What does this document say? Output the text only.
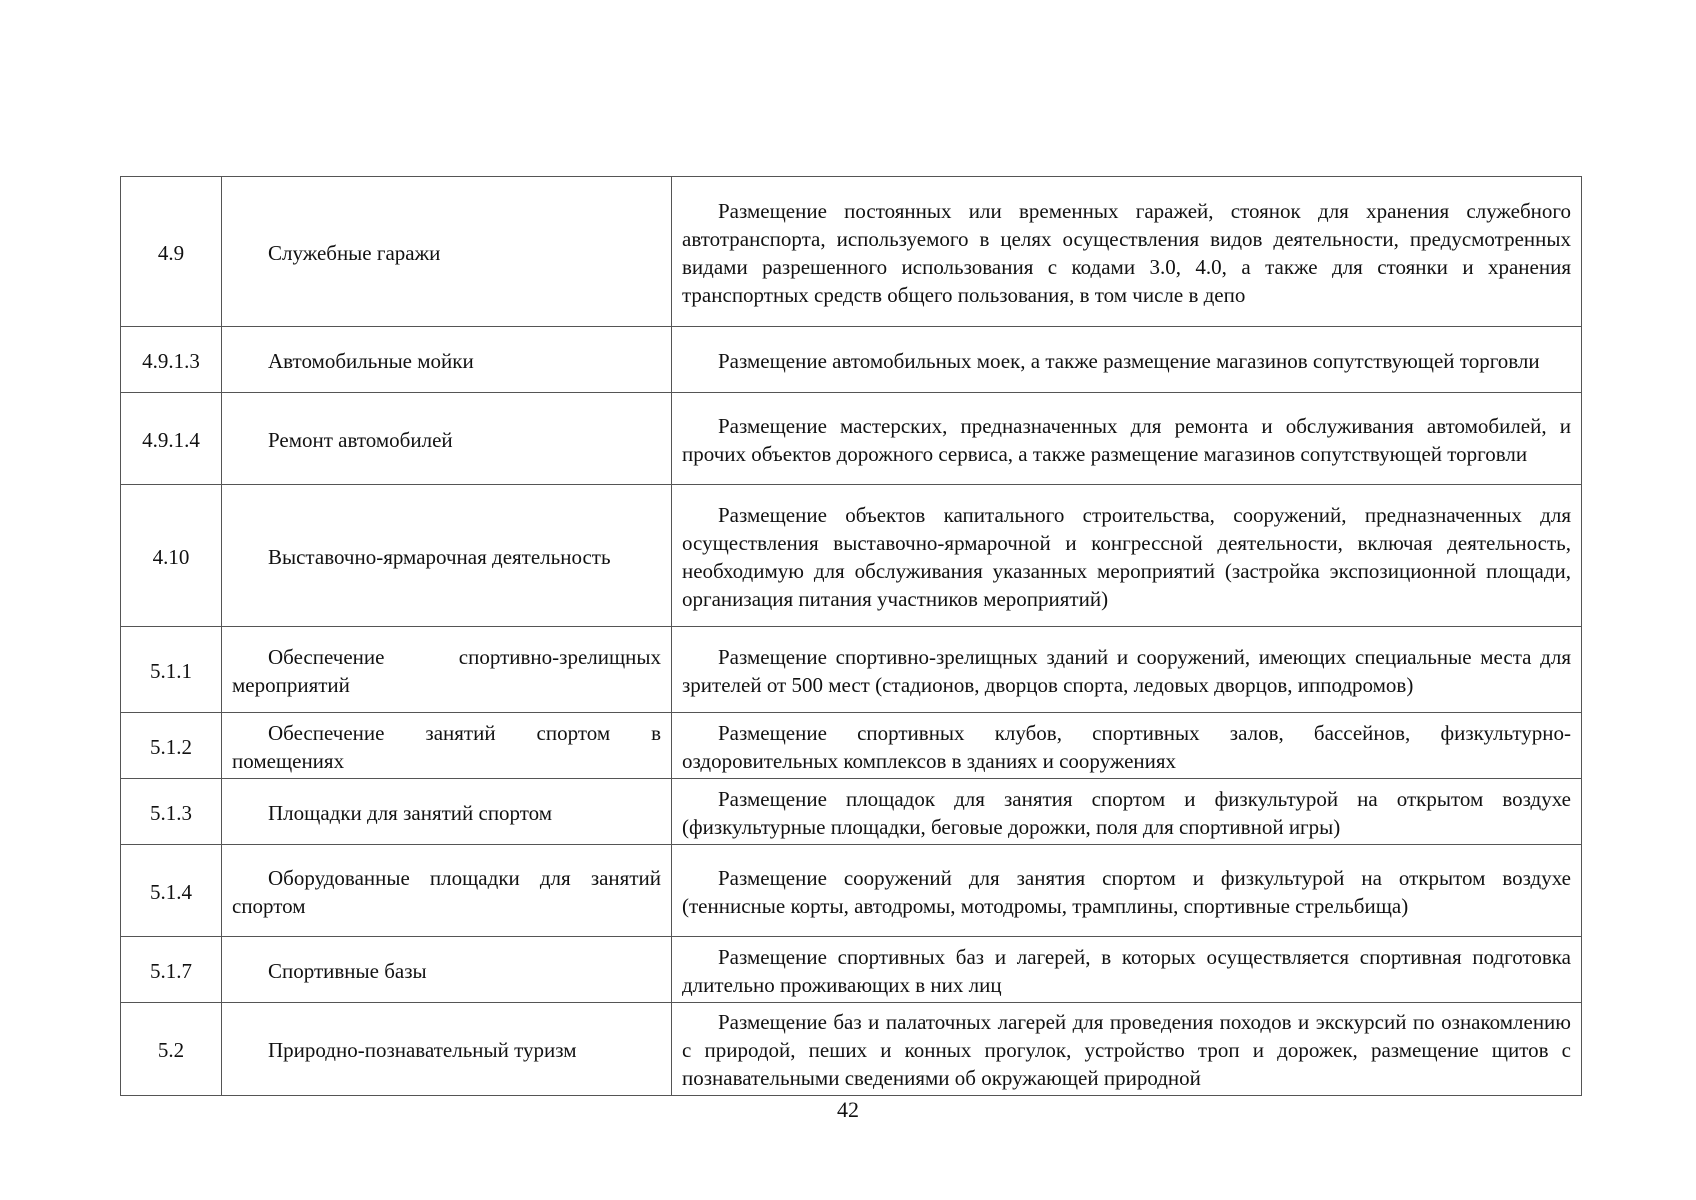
4.9	Служебные гаражи	Размещение постоянных или временных гаражей, стоянок для хранения служебного автотранспорта, используемого в целях осуществления видов деятельности, предусмотренных видами разрешенного использования с кодами 3.0, 4.0, а также для стоянки и хранения транспортных средств общего пользования, в том числе в депо
4.9.1.3	Автомобильные мойки	Размещение автомобильных моек, а также размещение магазинов сопутствующей торговли
4.9.1.4	Ремонт автомобилей	Размещение мастерских, предназначенных для ремонта и обслуживания автомобилей, и прочих объектов дорожного сервиса, а также размещение магазинов сопутствующей торговли
4.10	Выставочно-ярмарочная деятельность	Размещение объектов капитального строительства, сооружений, предназначенных для осуществления выставочно-ярмарочной и конгрессной деятельности, включая деятельность, необходимую для обслуживания указанных мероприятий (застройка экспозиционной площади, организация питания участников мероприятий)
5.1.1	Обеспечение спортивно-зрелищных мероприятий	Размещение спортивно-зрелищных зданий и сооружений, имеющих специальные места для зрителей от 500 мест (стадионов, дворцов спорта, ледовых дворцов, ипподромов)
5.1.2	Обеспечение занятий спортом в помещениях	Размещение спортивных клубов, спортивных залов, бассейнов, физкультурно-оздоровительных комплексов в зданиях и сооружениях
5.1.3	Площадки для занятий спортом	Размещение площадок для занятия спортом и физкультурой на открытом воздухе (физкультурные площадки, беговые дорожки, поля для спортивной игры)
5.1.4	Оборудованные площадки для занятий спортом	Размещение сооружений для занятия спортом и физкультурой на открытом воздухе (теннисные корты, автодромы, мотодромы, трамплины, спортивные стрельбища)
5.1.7	Спортивные базы	Размещение спортивных баз и лагерей, в которых осуществляется спортивная подготовка длительно проживающих в них лиц
5.2	Природно-познавательный туризм	Размещение баз и палаточных лагерей для проведения походов и экскурсий по ознакомлению с природой, пеших и конных прогулок, устройство троп и дорожек, размещение щитов с познавательными сведениями об окружающей природной
42
